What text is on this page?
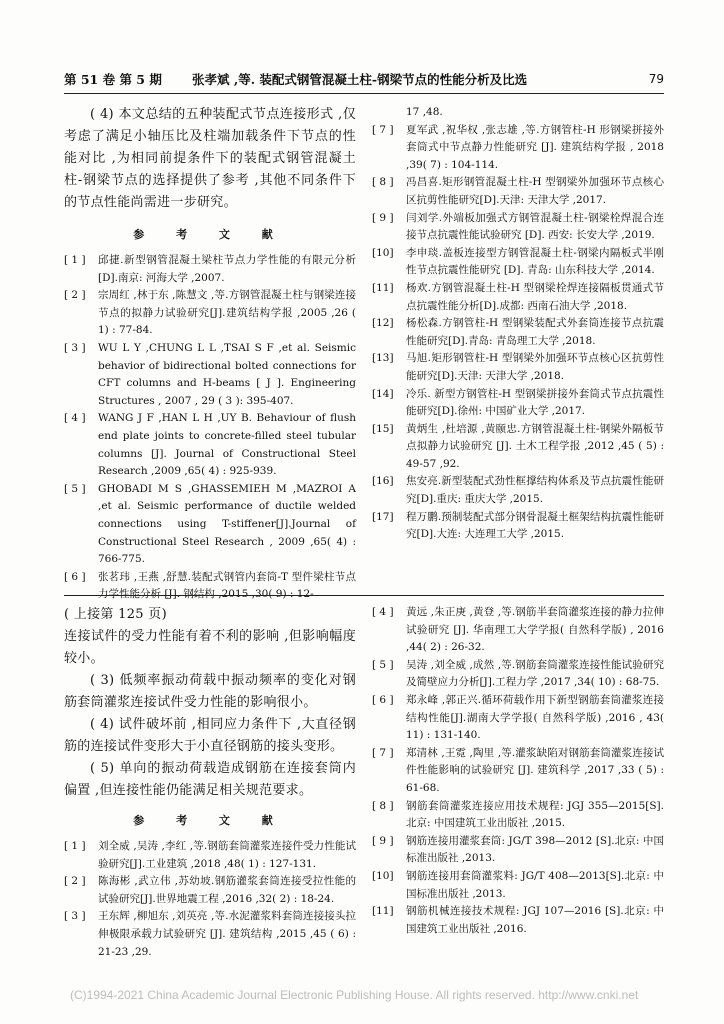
第 51 卷 第 5 期 张孝斌 ,等. 装配式钢管混凝土柱-钢梁节点的性能分析及比选	79

( 4) 本文总结的五种装配式节点连接形式 ,仅考虑了满足小轴压比及柱端加载条件下节点的性能对比 ,为相同前提条件下的装配式钢管混凝土柱-钢梁节点的选择提供了参考 ,其他不同条件下的节点性能尚需进一步研究。

参 考 文 献
[ 1 ]	邱捷.新型钢管混凝土梁柱节点力学性能的有限元分析[D].南京: 河海大学 ,2007.
[ 2 ]	宗周红 ,林于东 ,陈慧文 ,等.方钢管混凝土柱与钢梁连接节点的拟静力试验研究[J].建筑结构学报 ,2005 ,26 ( 1) : 77-84.
[ 3 ]	WU L Y ,CHUNG L L ,TSAI S F ,et al. Seismic behavior of bidirectional bolted connections for CFT columns and H-beams [ J ]. Engineering Structures , 2007 , 29 ( 3 ): 395-407.
[ 4 ]	WANG J F ,HAN L H ,UY B. Behaviour of flush end plate joints to concrete-filled steel tubular columns [J]. Journal of Constructional Steel Research ,2009 ,65( 4) : 925-939.
[ 5 ]	GHOBADI M S ,GHASSEMIEH M ,MAZROI A ,et al. Seismic performance of ductile welded connections using T-stiffener[J].Journal of Constructional Steel Research , 2009 ,65( 4) : 766-775.
[ 6 ]	张茗玮 ,王燕 ,舒慧.装配式钢管内套筒-T 型件梁柱节点力学性能分析 [J]. 钢结构 ,2015 ,30( 9) : 12-
17 ,48.
[ 7 ]	夏军武 ,祝华权 ,张志雄 ,等.方钢管柱-H 形钢梁拼接外套筒式中节点静力性能研究 [J]. 建筑结构学报 , 2018 ,39( 7) : 104-114.
[ 8 ]	冯昌喜.矩形钢管混凝土柱-H 型钢梁外加强环节点核心区抗剪性能研究[D].天津: 天津大学 ,2017.
[ 9 ]	闫刘学.外端板加强式方钢管混凝土柱-钢梁栓焊混合连接节点抗震性能试验研究 [D]. 西安: 长安大学 ,2019.
[10]	李申琰.盖板连接型方钢管混凝土柱-钢梁内隔板式半刚性节点抗震性能研究 [D]. 青岛: 山东科技大学 ,2014.
[11]	杨欢.方钢管混凝土柱-H 型钢梁栓焊连接隔板贯通式节点抗震性能分析[D].成都: 西南石油大学 ,2018.
[12]	杨松森.方钢管柱-H 型钢梁装配式外套筒连接节点抗震性能研究[D].青岛: 青岛理工大学 ,2018.
[13]	马旭.矩形钢管柱-H 型钢梁外加强环节点核心区抗剪性能研究[D].天津: 天津大学 ,2018.
[14]	冷乐. 新型方钢管柱-H 型钢梁拼接外套筒式节点抗震性能研究[D].徐州: 中国矿业大学 ,2017.
[15]	黄炳生 ,杜培源 ,黄颐忠.方钢管混凝土柱-钢梁外隔板节点拟静力试验研究 [J]. 土木工程学报 ,2012 ,45 ( 5) : 49-57 ,92.
[16]	焦安亮.新型装配式劲性框撑结构体系及节点抗震性能研究[D].重庆: 重庆大学 ,2015.
[17]	程万鹏.预制装配式部分钢骨混凝土框架结构抗震性能研究[D].大连: 大连理工大学 ,2015.

( 上接第 125 页)

连接试件的受力性能有着不利的影响 ,但影响幅度较小。

( 3) 低频率振动荷载中振动频率的变化对钢筋套筒灌浆连接试件受力性能的影响很小。

( 4) 试件破坏前 ,相同应力条件下 ,大直径钢筋的连接试件变形大于小直径钢筋的接头变形。

( 5) 单向的振动荷载造成钢筋在连接套筒内偏置 ,但连接性能仍能满足相关规范要求。

参 考 文 献
[ 1 ]	刘全威 ,吴涛 ,李红 ,等.钢筋套筒灌浆连接件受力性能试验研究[J].工业建筑 ,2018 ,48( 1) : 127-131.
[ 2 ]	陈海彬 ,武立伟 ,苏幼坡.钢筋灌浆套筒连接受拉性能的试验研究[J].世界地震工程 ,2016 ,32( 2) : 18-24.
[ 3 ]	王东辉 ,柳旭东 ,刘英亮 ,等.水泥灌浆料套筒连接接头拉伸极限承载力试验研究 [J]. 建筑结构 ,2015 ,45 ( 6) : 21-23 ,29.
[ 4 ]	黄远 ,朱正庚 ,黄登 ,等.钢筋半套筒灌浆连接的静力拉伸试验研究 [J]. 华南理工大学学报( 自然科学版) , 2016 ,44( 2) : 26-32.
[ 5 ]	吴涛 ,刘全威 ,成然 ,等.钢筋套筒灌浆连接性能试验研究及简壁应力分析[J].工程力学 ,2017 ,34( 10) : 68-75.
[ 6 ]	郑永峰 ,郭正兴.循环荷载作用下新型钢筋套筒灌浆连接结构性能[J].湖南大学学报( 自然科学版) ,2016 , 43( 11) : 131-140.
[ 7 ]	郑清林 ,王霓 ,陶里 ,等.灌浆缺陷对钢筋套筒灌浆连接试件性能影响的试验研究 [J]. 建筑科学 ,2017 ,33 ( 5) : 61-68.
[ 8 ]	钢筋套筒灌浆连接应用技术规程: JGJ 355—2015[S]. 北京: 中国建筑工业出版社 ,2015.
[ 9 ]	钢筋连接用灌浆套筒: JG/T 398—2012 [S].北京: 中国标准出版社 ,2013.
[10]	钢筋连接用套筒灌浆料: JG/T 408—2013[S].北京: 中国标准出版社 ,2013.
[11]	钢筋机械连接技术规程: JGJ 107—2016 [S].北京: 中国建筑工业出版社 ,2016.
(C)1994-2021 China Academic Journal Electronic Publishing House. All rights reserved. http://www.cnki.net
